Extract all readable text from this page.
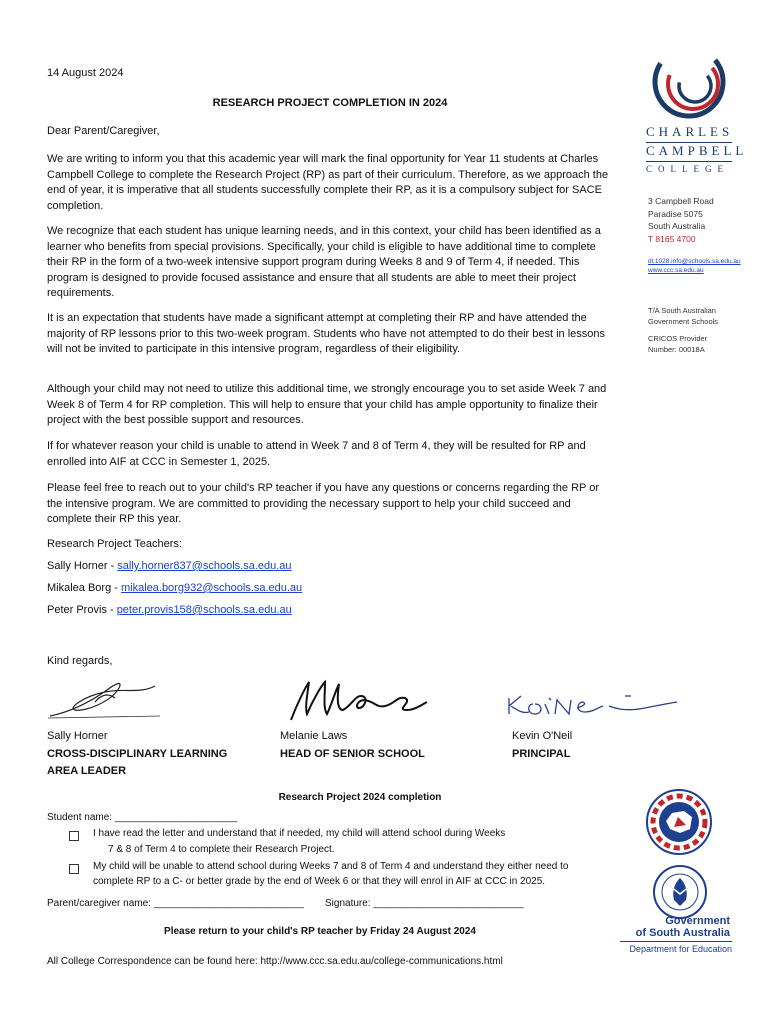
14 August 2024
RESEARCH PROJECT COMPLETION IN 2024
Dear Parent/Caregiver,

We are writing to inform you that this academic year will mark the final opportunity for Year 11 students at Charles Campbell College to complete the Research Project (RP) as part of their curriculum. Therefore, as we approach the end of year, it is imperative that all students successfully complete their RP, as it is a compulsory subject for SACE completion.

We recognize that each student has unique learning needs, and in this context, your child has been identified as a learner who benefits from special provisions. Specifically, your child is eligible to have additional time to complete their RP in the form of a two-week intensive support program during Weeks 8 and 9 of Term 4, if needed. This program is designed to provide focused assistance and ensure that all students are able to meet their project requirements.

It is an expectation that students have made a significant attempt at completing their RP and have attended the majority of RP lessons prior to this two-week program. Students who have not attempted to do their best in lessons will not be invited to participate in this intensive program, regardless of their eligibility.

Although your child may not need to utilize this additional time, we strongly encourage you to set aside Week 7 and Week 8 of Term 4 for RP completion. This will help to ensure that your child has ample opportunity to finalize their project with the best possible support and resources.

If for whatever reason your child is unable to attend in Week 7 and 8 of Term 4, they will be resulted for RP and enrolled into AIF at CCC in Semester 1, 2025.

Please feel free to reach out to your child's RP teacher if you have any questions or concerns regarding the RP or the intensive program. We are committed to providing the necessary support to help your child succeed and complete their RP this year.

Research Project Teachers:
Sally Horner - sally.horner837@schools.sa.edu.au
Mikalea Borg - mikalea.borg932@schools.sa.edu.au
Peter Provis - peter.provis158@schools.sa.edu.au
Kind regards,
Sally Horner
CROSS-DISCIPLINARY LEARNING
AREA LEADER
Melanie Laws
HEAD OF SENIOR SCHOOL
Kevin O'Neil
PRINCIPAL
Research Project 2024 completion
Student name: ______________________
I have read the letter and understand that if needed, my child will attend school during Weeks
7 & 8 of Term 4 to complete their Research Project.
My child will be unable to attend school during Weeks 7 and 8 of Term 4 and understand they either need to
complete RP to a C- or better grade by the end of Week 6 or that they will enrol in AIF at CCC in 2025.
Parent/caregiver name: ___________________________ Signature: ___________________________
Please return to your child's RP teacher by Friday 24 August 2024
All College Correspondence can be found here: http://www.ccc.sa.edu.au/college-communications.html
CHARLES
CAMPBELL
COLLEGE
3 Campbell Road
Paradise 5075
South Australia
T 8165 4700
dl.1028.info@schools.sa.edu.au
www.ccc.sa.edu.au
T/A South Australian
Government Schools
CRICOS Provider
Number: 00018A
Government
of South Australia
Department for Education
